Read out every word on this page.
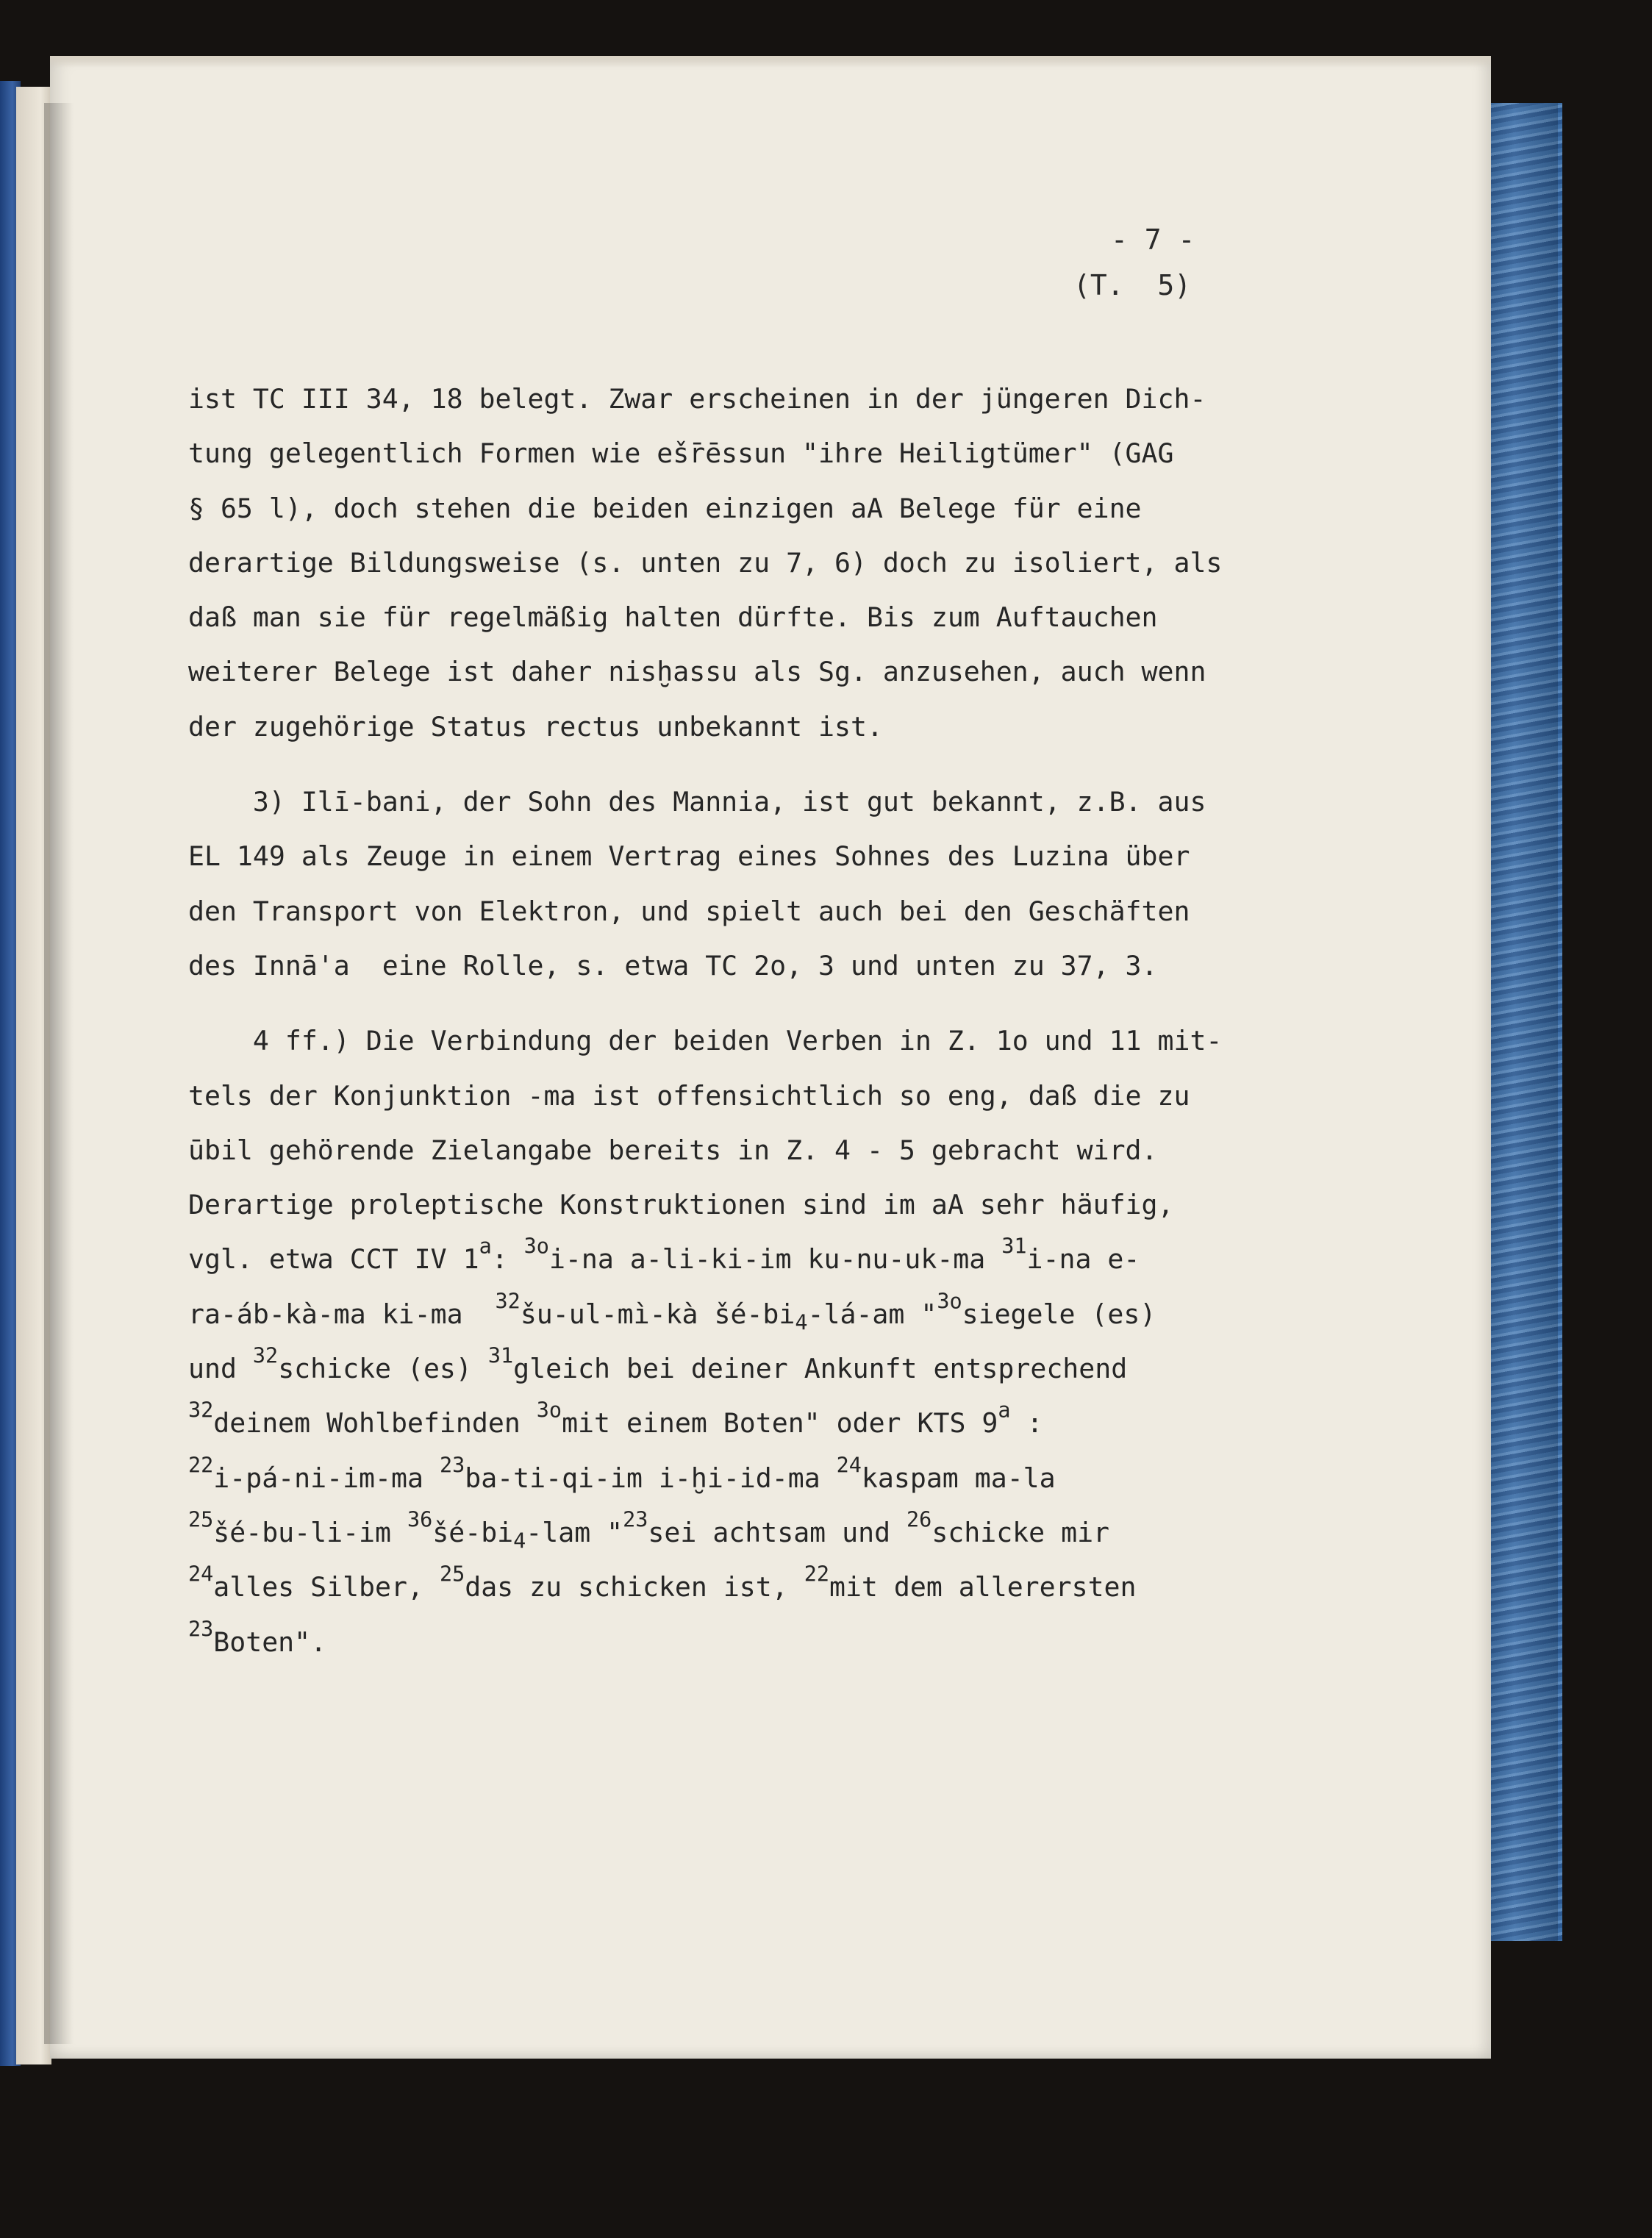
- 7 -
(T.  5)
ist TC III 34, 18 belegt. Zwar erscheinen in der jüngeren Dich-
tung gelegentlich Formen wie eš̄rēssun "ihre Heiligtümer" (GAG
§ 65 l), doch stehen die beiden einzigen aA Belege für eine
derartige Bildungsweise (s. unten zu 7, 6) doch zu isoliert, als
daß man sie für regelmäßig halten dürfte. Bis zum Auftauchen
weiterer Belege ist daher nisḫassu als Sg. anzusehen, auch wenn
der zugehörige Status rectus unbekannt ist.
3) Ilī-bani, der Sohn des Mannia, ist gut bekannt, z.B. aus
EL 149 als Zeuge in einem Vertrag eines Sohnes des Luzina über
den Transport von Elektron, und spielt auch bei den Geschäften
des Innā'a  eine Rolle, s. etwa TC 2o, 3 und unten zu 37, 3.
4 ff.) Die Verbindung der beiden Verben in Z. 1o und 11 mit-
tels der Konjunktion -ma ist offensichtlich so eng, daß die zu
ūbil gehörende Zielangabe bereits in Z. 4 - 5 gebracht wird.
Derartige proleptische Konstruktionen sind im aA sehr häufig,
vgl. etwa CCT IV 1$^a$: $^{3o}$i-na a-li-ki-im ku-nu-uk-ma $^{31}$i-na e-
ra-áb-kà-ma ki-ma  $^{32}$šu-ul-mì-kà $šé-bi_4-lá-am$ "$^{3o}$siegele (es)
und $^{32}$schicke (es) $^{31}$gleich bei deiner Ankunft entsprechend
$^{32}$deinem Wohlbefinden $^{3o}$mit einem Boten" oder KTS 9$^a$ :
$^{22}$i-pá-ni-im-ma $^{23}$ba-ti-qi-im i-ḫi-id-ma $^{24}$kaspam ma-la
$^{25}$šé-bu-li-im $^{36}šé-bi_4$-lam "$^{23}$sei achtsam und $^{26}$schicke mir
$^{24}$alles Silber, $^{25}$das zu schicken ist, $^{22}$mit dem allerersten
$^{23}$Boten".
